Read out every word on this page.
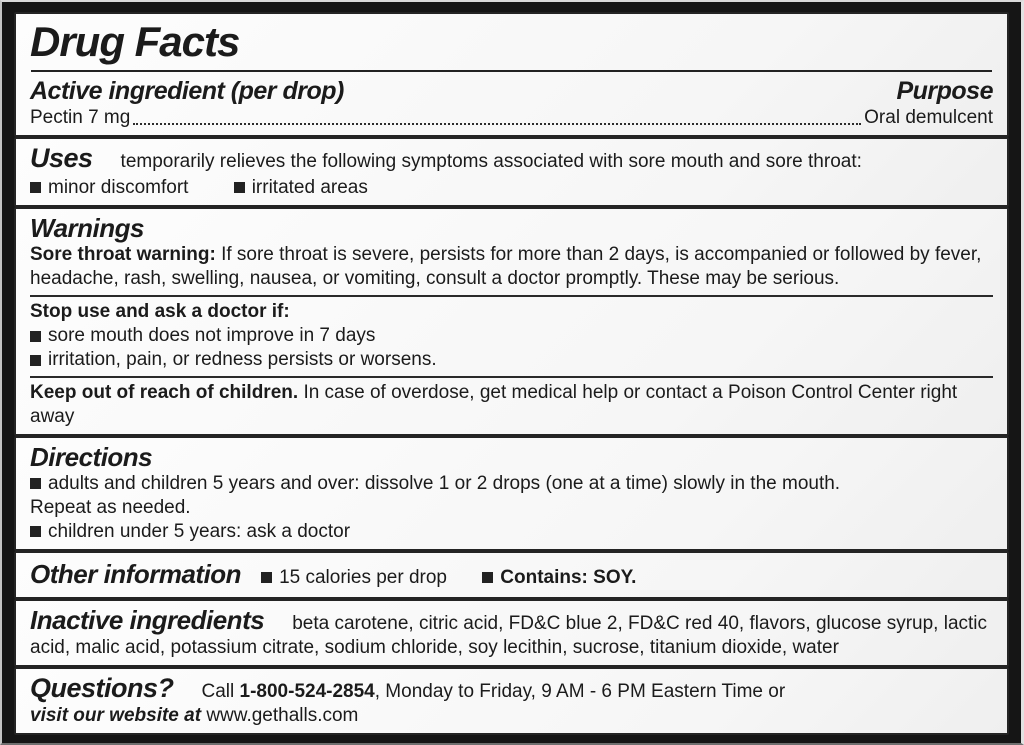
Drug Facts
Active ingredient (per drop)	Purpose
Pectin 7 mg	Oral demulcent
Uses temporarily relieves the following symptoms associated with sore mouth and sore throat:
minor discomfort	irritated areas
Warnings
Sore throat warning: If sore throat is severe, persists for more than 2 days, is accompanied or followed by fever, headache, rash, swelling, nausea, or vomiting, consult a doctor promptly. These may be serious.
Stop use and ask a doctor if:
sore mouth does not improve in 7 days
irritation, pain, or redness persists or worsens.
Keep out of reach of children. In case of overdose, get medical help or contact a Poison Control Center right away
Directions
adults and children 5 years and over: dissolve 1 or 2 drops (one at a time) slowly in the mouth.
Repeat as needed.
children under 5 years: ask a doctor
Other information 15 calories per drop	Contains: SOY.
Inactive ingredients beta carotene, citric acid, FD&C blue 2, FD&C red 40, flavors, glucose syrup, lactic acid, malic acid, potassium citrate, sodium chloride, soy lecithin, sucrose, titanium dioxide, water
Questions? Call 1-800-524-2854, Monday to Friday, 9 AM - 6 PM Eastern Time or
visit our website at www.gethalls.com
